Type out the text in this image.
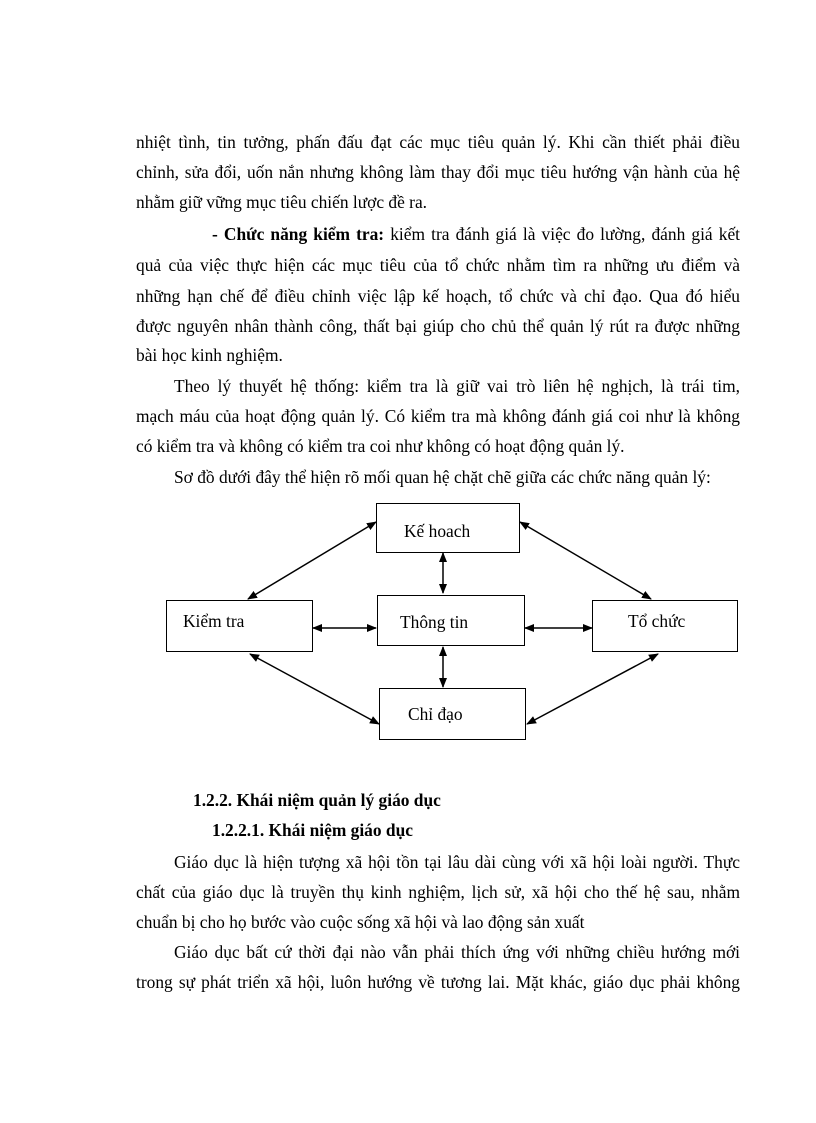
nhiệt tình, tin tưởng, phấn đấu đạt các mục tiêu quản lý. Khi cần thiết phải điều
chỉnh, sửa đổi, uốn nắn nhưng không làm thay đổi mục tiêu hướng vận hành của hệ
nhằm giữ vững mục tiêu chiến lược đề ra.
- Chức năng kiểm tra: kiểm tra đánh giá là việc đo lường, đánh giá kết
quả của việc thực hiện các mục tiêu của tổ chức nhằm tìm ra những ưu điểm và
những hạn chế để điều chỉnh việc lập kế hoạch, tổ chức và chỉ đạo. Qua đó hiểu
được nguyên nhân thành công, thất bại giúp cho chủ thể quản lý rút ra được những
bài học kinh nghiệm.
Theo lý thuyết hệ thống: kiểm tra là giữ vai trò liên hệ nghịch, là trái tim,
mạch máu của hoạt động quản lý. Có kiểm tra mà không đánh giá coi như là không
có kiểm tra và không có kiểm tra coi như không có hoạt động quản lý.
Sơ đồ dưới đây thể hiện rõ mối quan hệ chặt chẽ giữa các chức năng quản lý:
Kế hoach
Kiểm tra	Thông tin	Tổ chức
Chỉ đạo
1.2.2. Khái niệm quản lý giáo dục
1.2.2.1. Khái niệm giáo dục
Giáo dục là hiện tượng xã hội tồn tại lâu dài cùng với xã hội loài người. Thực
chất của giáo dục là truyền thụ kinh nghiệm, lịch sử, xã hội cho thế hệ sau, nhằm
chuẩn bị cho họ bước vào cuộc sống xã hội và lao động sản xuất
Giáo dục bất cứ thời đại nào vẫn phải thích ứng với những chiều hướng mới
trong sự phát triển xã hội, luôn hướng về tương lai. Mặt khác, giáo dục phải không
